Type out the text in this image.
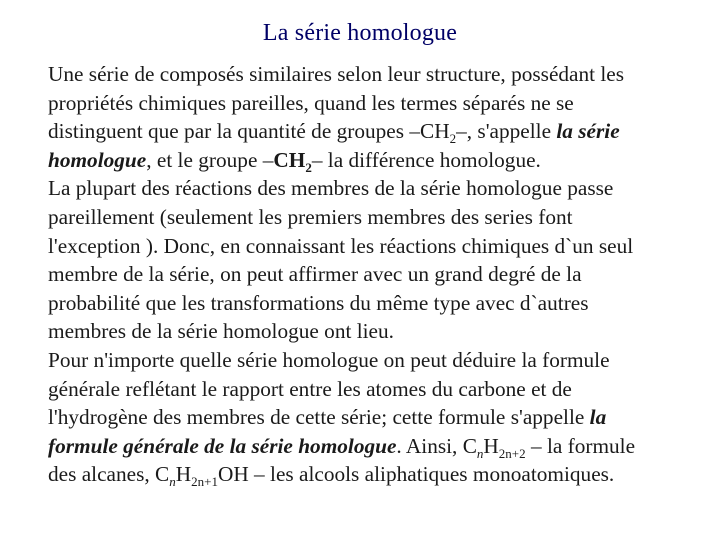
La série homologue

Une série de composés similaires selon leur structure, possédant les
propriétés chimiques pareilles, quand les termes séparés ne se
distinguent que par la quantité de groupes $-CH_2-$, s'appelle la série
homologue, et le groupe $-CH_2-$ la différence homologue.

La plupart des réactions des membres de la série homologue passe
pareillement (seulement les premiers membres des series font
l'exception ). Donc, en connaissant les réactions chimiques d`un seul
membre de la série, on peut affirmer avec un grand degré de la
probabilité que les transformations du même type avec d`autres
membres de la série homologue ont lieu.

Pour n'importe quelle série homologue on peut déduire la formule
générale reflétant le rapport entre les atomes du carbone et de
l'hydrogène des membres de cette série; cette formule s'appelle la
formule générale de la série homologue. Ainsi, $C_nH_{2n+2}$ – la formule
des alcanes, $C_nH_{2n+1}OH$ – les alcools aliphatiques monoatomiques.
